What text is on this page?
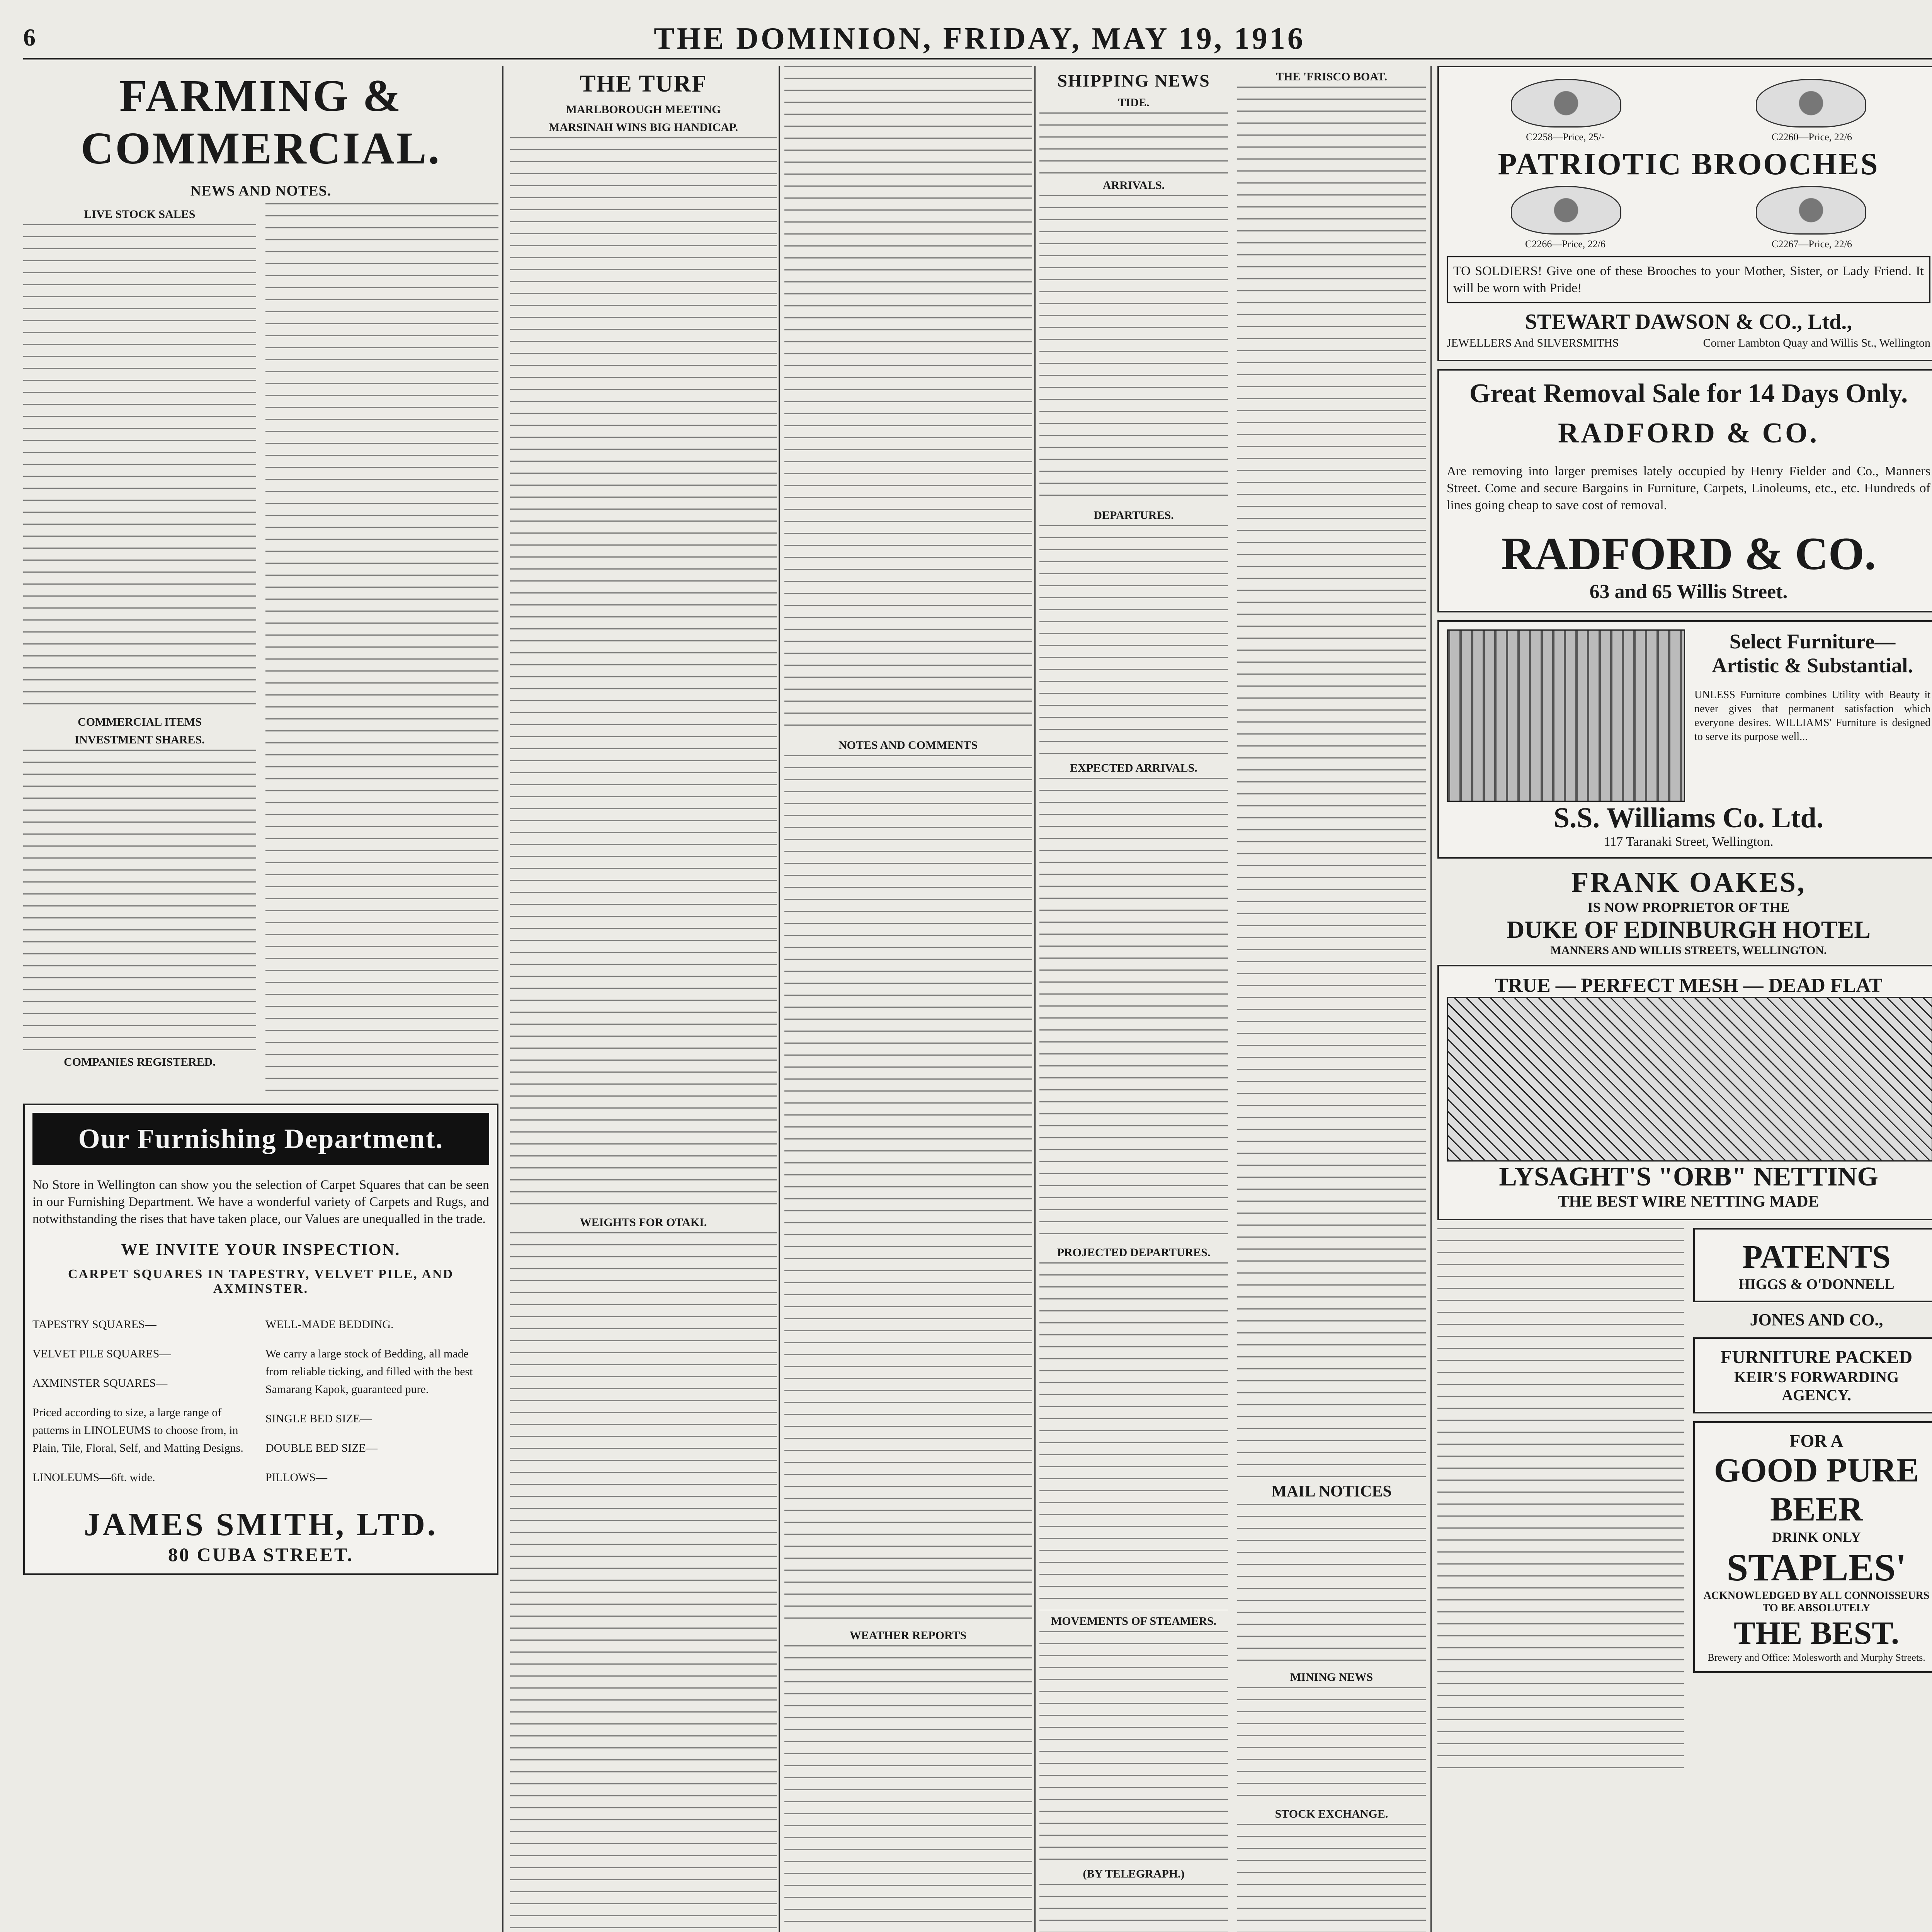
6	THE DOMINION, FRIDAY, MAY 19, 1916
FARMING & COMMERCIAL.
NEWS AND NOTES.
LIVE STOCK SALES
COMMERCIAL ITEMS
INVESTMENT SHARES.
COMPANIES REGISTERED.
Our Furnishing Department.

No Store in Wellington can show you the selection of Carpet Squares that can be seen in our Furnishing Department. We have a wonderful variety of Carpets and Rugs, and notwithstanding the rises that have taken place, our Values are unequalled in the trade.

WE INVITE YOUR INSPECTION.
CARPET SQUARES IN TAPESTRY, VELVET PILE, AND AXMINSTER.

TAPESTRY SQUARES—

VELVET PILE SQUARES—

AXMINSTER SQUARES—

Priced according to size, a large range of patterns in LINOLEUMS to choose from, in Plain, Tile, Floral, Self, and Matting Designs.

LINOLEUMS—6ft. wide.

WELL-MADE BEDDING.

We carry a large stock of Bedding, all made from reliable ticking, and filled with the best Samarang Kapok, guaranteed pure.

SINGLE BED SIZE—

DOUBLE BED SIZE—

PILLOWS—

JAMES SMITH, LTD.
80 CUBA STREET.
THE TURF
MARLBOROUGH MEETING
MARSINAH WINS BIG HANDICAP.
WEIGHTS FOR OTAKI.
NOTES AND COMMENTS
WEATHER REPORTS
SHIPPING NEWS
TIDE.
ARRIVALS.
DEPARTURES.
EXPECTED ARRIVALS.
PROJECTED DEPARTURES.
MOVEMENTS OF STEAMERS.
(BY TELEGRAPH.)
THE 'FRISCO BOAT.
MAIL NOTICES
MINING NEWS
STOCK EXCHANGE.
C2258—Price, 25/-	C2260—Price, 22/6
PATRIOTIC BROOCHES
C2266—Price, 22/6	C2267—Price, 22/6

TO SOLDIERS! Give one of these Brooches to your Mother, Sister, or Lady Friend. It will be worn with Pride!

STEWART DAWSON & CO., Ltd.,
JEWELLERS And SILVERSMITHS	Corner Lambton Quay and Willis St., Wellington
Great Removal Sale for 14 Days Only.
RADFORD & CO.

Are removing into larger premises lately occupied by Henry Fielder and Co., Manners Street. Come and secure Bargains in Furniture, Carpets, Linoleums, etc., etc. Hundreds of lines going cheap to save cost of removal.

RADFORD & CO.
63 and 65 Willis Street.
Select Furniture— Artistic & Substantial.

UNLESS Furniture combines Utility with Beauty it never gives that permanent satisfaction which everyone desires. WILLIAMS' Furniture is designed to serve its purpose well...

S.S. Williams Co. Ltd.
117 Taranaki Street, Wellington.
FRANK OAKES,
IS NOW PROPRIETOR OF THE
DUKE OF EDINBURGH HOTEL
MANNERS AND WILLIS STREETS, WELLINGTON.
TRUE — PERFECT MESH — DEAD FLAT
LYSAGHT'S "ORB" NETTING
THE BEST WIRE NETTING MADE
PATENTS
HIGGS & O'DONNELL
JONES AND CO.,
FURNITURE PACKED
KEIR'S FORWARDING AGENCY.
FOR A
GOOD PURE BEER
DRINK ONLY
STAPLES'
ACKNOWLEDGED BY ALL CONNOISSEURS TO BE ABSOLUTELY
THE BEST.
Brewery and Office: Molesworth and Murphy Streets.
